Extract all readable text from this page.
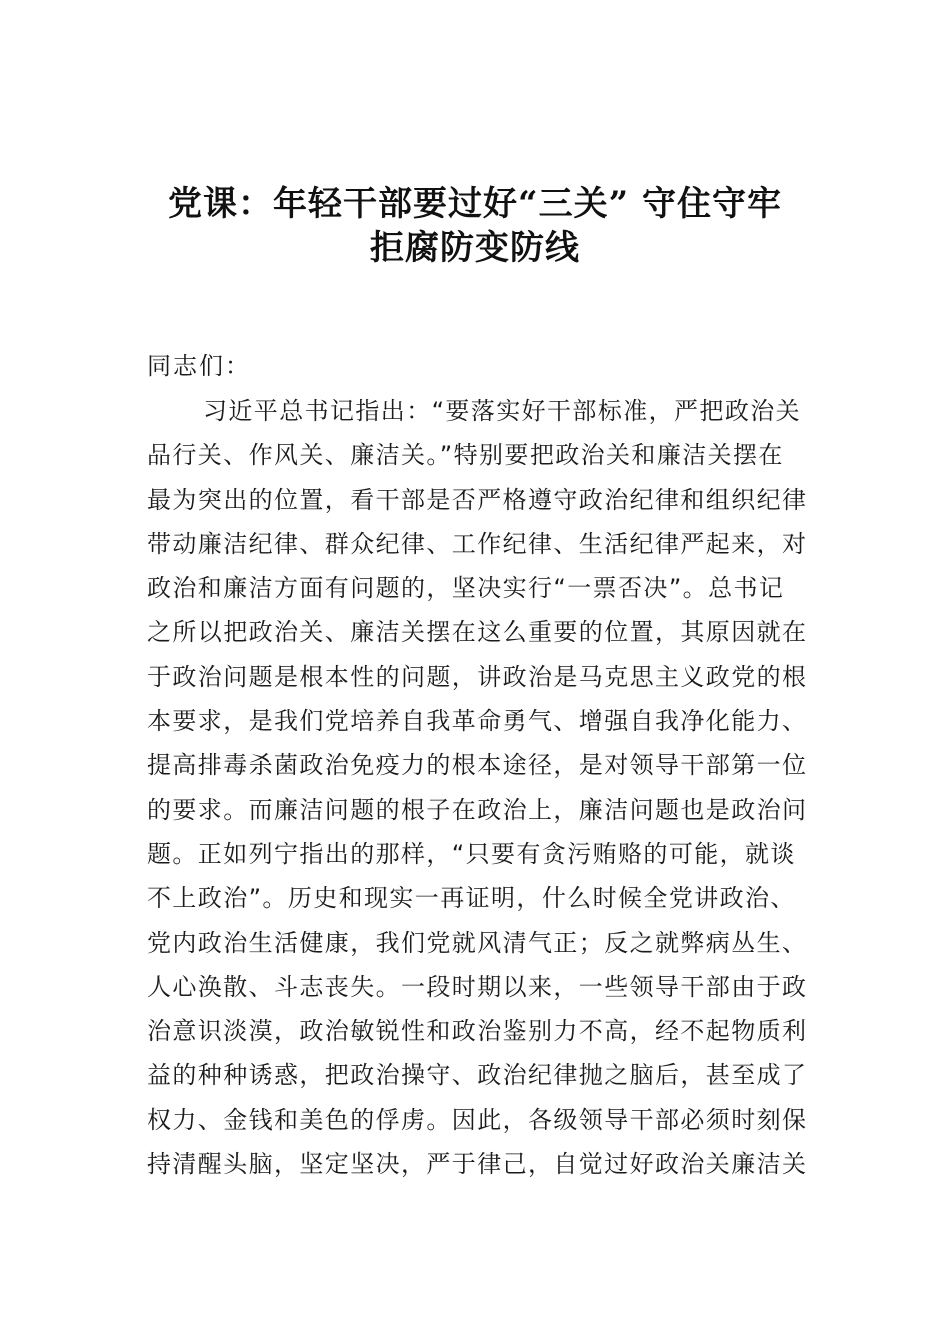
党课：年轻干部要过好“三关” 守住守牢
拒腐防变防线
同志们：
习近平总书记指出：“要落实好干部标准，严把政治关
品行关、作风关、廉洁关。”特别要把政治关和廉洁关摆在
最为突出的位置，看干部是否严格遵守政治纪律和组织纪律
带动廉洁纪律、群众纪律、工作纪律、生活纪律严起来，对
政治和廉洁方面有问题的，坚决实行“一票否决”。总书记
之所以把政治关、廉洁关摆在这么重要的位置，其原因就在
于政治问题是根本性的问题，讲政治是马克思主义政党的根
本要求，是我们党培养自我革命勇气、增强自我净化能力、
提高排毒杀菌政治免疫力的根本途径，是对领导干部第一位
的要求。而廉洁问题的根子在政治上，廉洁问题也是政治问
题。正如列宁指出的那样，“只要有贪污贿赂的可能，就谈
不上政治”。历史和现实一再证明，什么时候全党讲政治、
党内政治生活健康，我们党就风清气正；反之就弊病丛生、
人心涣散、斗志丧失。一段时期以来，一些领导干部由于政
治意识淡漠，政治敏锐性和政治鉴别力不高，经不起物质利
益的种种诱惑，把政治操守、政治纪律抛之脑后，甚至成了
权力、金钱和美色的俘虏。因此，各级领导干部必须时刻保
持清醒头脑，坚定坚决，严于律己，自觉过好政治关廉洁关
